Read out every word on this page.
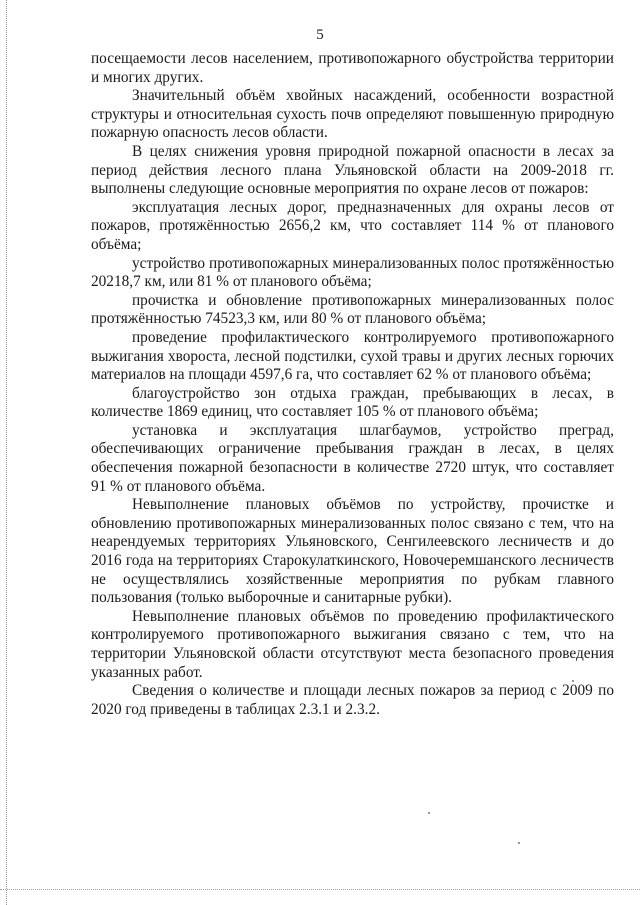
5

посещаемости лесов населением, противопожарного обустройства территории и многих других.

Значительный объём хвойных насаждений, особенности возрастной структуры и относительная сухость почв определяют повышенную природную пожарную опасность лесов области.

В целях снижения уровня природной пожарной опасности в лесах за период действия лесного плана Ульяновской области на 2009-2018 гг. выполнены следующие основные мероприятия по охране лесов от пожаров:

эксплуатация лесных дорог, предназначенных для охраны лесов от пожаров, протяжённостью 2656,2 км, что составляет 114 % от планового объёма;

устройство противопожарных минерализованных полос протяжённостью 20218,7 км, или 81 % от планового объёма;

прочистка и обновление противопожарных минерализованных полос протяжённостью 74523,3 км, или 80 % от планового объёма;

проведение профилактического контролируемого противопожарного выжигания хвороста, лесной подстилки, сухой травы и других лесных горючих материалов на площади 4597,6 га, что составляет 62 % от планового объёма;

благоустройство зон отдыха граждан, пребывающих в лесах, в количестве 1869 единиц, что составляет 105 % от планового объёма;

установка и эксплуатация шлагбаумов, устройство преград, обеспечивающих ограничение пребывания граждан в лесах, в целях обеспечения пожарной безопасности в количестве 2720 штук, что составляет 91 % от планового объёма.

Невыполнение плановых объёмов по устройству, прочистке и обновлению противопожарных минерализованных полос связано с тем, что на неарендуемых территориях Ульяновского, Сенгилеевского лесничеств и до 2016 года на территориях Старокулаткинского, Новочеремшанского лесничеств не осуществлялись хозяйственные мероприятия по рубкам главного пользования (только выборочные и санитарные рубки).

Невыполнение плановых объёмов по проведению профилактического контролируемого противопожарного выжигания связано с тем, что на территории Ульяновской области отсутствуют места безопасного проведения указанных работ.

Сведения о количестве и площади лесных пожаров за период с 2009 по 2020 год приведены в таблицах 2.3.1 и 2.3.2.
